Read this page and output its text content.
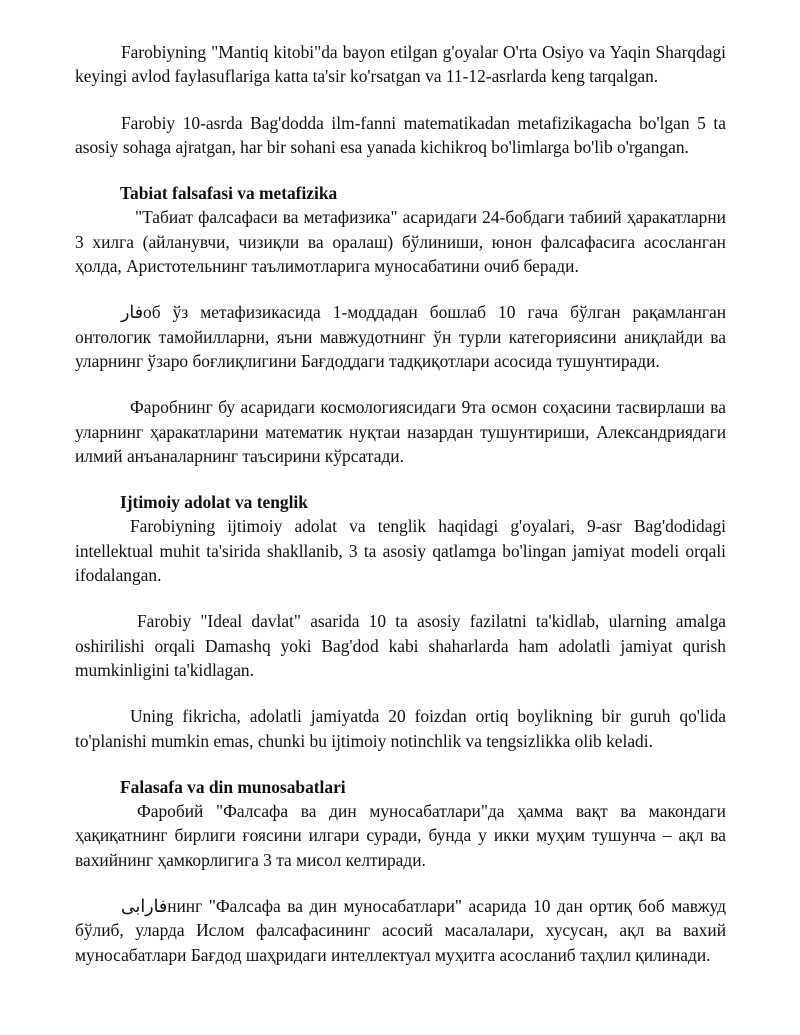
Farobiyning "Mantiq kitobi"da bayon etilgan g'oyalar O'rta Osiyo va Yaqin Sharqdagi keyingi avlod faylasuflariga katta ta'sir ko'rsatgan va 11-12-asrlarda keng tarqalgan.

Farobiy 10-asrda Bag'dodda ilm-fanni matematikadan metafizikagacha bo'lgan 5 ta asosiy sohaga ajratgan, har bir sohani esa yanada kichikroq bo'limlarga bo'lib o'rgangan.

Tabiat falsafasi va metafizika

"Табиат фалсафаси ва метафизика" асаридаги 24-бобдаги табиий ҳаракатларни 3 хилга (айланувчи, чизиқли ва оралаш) бўлиниши, юнон фалсафасига асосланган ҳолда, Аристотельнинг таълимотларига муносабатини очиб беради.

فارоб ўз метафизикасида 1-моддадан бошлаб 10 гача бўлган рақамланган онтологик тамойилларни, яъни мавжудотнинг ўн турли категориясини аниқлайди ва уларнинг ўзаро боғлиқлигини Бағдоддаги тадқиқотлари асосида тушунтиради.

Фаробнинг бу асаридаги космологиясидаги 9та осмон соҳасини тасвирлаши ва уларнинг ҳаракатларини математик нуқтаи назардан тушунтириши, Александриядаги илмий анъаналарнинг таъсирини кўрсатади.

Ijtimoiy adolat va tenglik

Farobiyning ijtimoiy adolat va tenglik haqidagi g'oyalari, 9-asr Bag'dodidagi intellektual muhit ta'sirida shakllanib, 3 ta asosiy qatlamga bo'lingan jamiyat modeli orqali ifodalangan.

Farobiy "Ideal davlat" asarida 10 ta asosiy fazilatni ta'kidlab, ularning amalga oshirilishi orqali Damashq yoki Bag'dod kabi shaharlarda ham adolatli jamiyat qurish mumkinligini ta'kidlagan.

Uning fikricha, adolatli jamiyatda 20 foizdan ortiq boylikning bir guruh qo'lida to'planishi mumkin emas, chunki bu ijtimoiy notinchlik va tengsizlikka olib keladi.

Falasafa va din munosabatlari

Фаробий "Фалсафа ва дин муносабатлари"да ҳамма вақт ва макондаги ҳақиқатнинг бирлиги ғоясини илгари суради, бунда у икки муҳим тушунча – ақл ва вахийнинг ҳамкорлигига 3 та мисол келтиради.

فارابیнинг "Фалсафа ва дин муносабатлари" асарида 10 дан ортиқ боб мавжуд бўлиб, уларда Ислом фалсафасининг асосий масалалари, хусусан, ақл ва вахий муносабатлари Бағдод шаҳридаги интеллектуал муҳитга асосланиб таҳлил қилинади.
